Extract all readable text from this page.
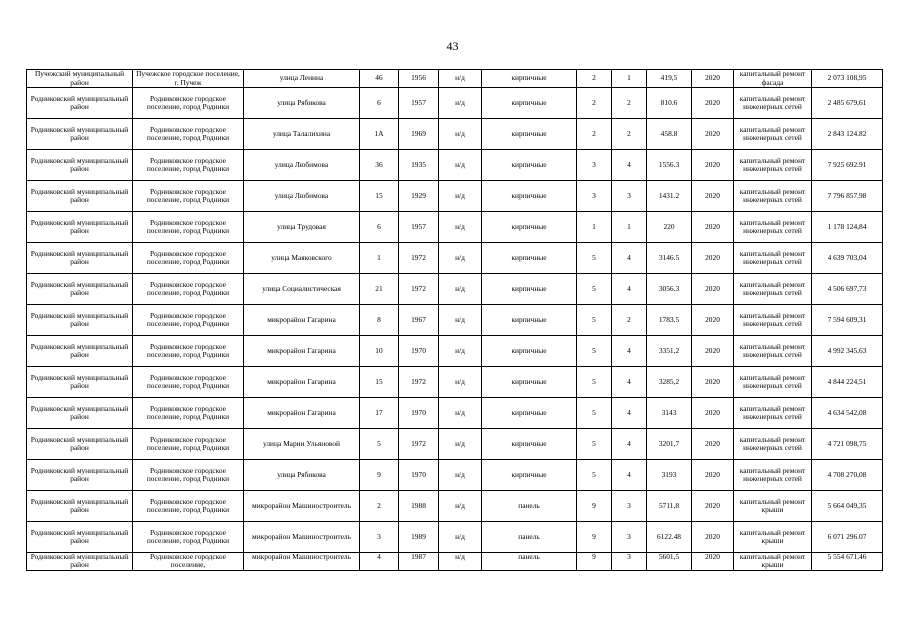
43
Пучежский муниципальный район	Пучежское городское поселение, г. Пучеж	улица Ленина	46	1956	н/д	кирпичные	2	1	419,5	2020	капитальный ремонт фасада	2 073 108,95
Родниковский муниципальный район	Родниковское городское поселение, город Родники	улица Рябикова	6	1957	н/д	кирпичные	2	2	810.6	2020	капитальный ремонт инженерных сетей	2 485 679,61
Родниковский муниципальный район	Родниковское городское поселение, город Родники	улица Талалихина	1А	1969	н/д	кирпичные	2	2	458.8	2020	капитальный ремонт инженерных сетей	2 843 124.82
Родниковский муниципальный район	Родниковское городское поселение, город Родники	улица Любимова	36	1935	н/д	кирпичные	3	4	1556.3	2020	капитальный ремонт инженерных сетей	7 925 692.91
Родниковский муниципальный район	Родниковское городское поселение, город Родники	улица Любимова	15	1929	н/д	кирпичные	3	3	1431.2	2020	капитальный ремонт инженерных сетей	7 796 857.98
Родниковский муниципальный район	Родниковское городское поселение, город Родники	улица Трудовая	6	1957	н/д	кирпичные	1	1	220	2020	капитальный ремонт инженерных сетей	1 178 124,84
Родниковский муниципальный район	Родниковское городское поселение, город Родники	улица Маяковского	1	1972	н/д	кирпичные	5	4	3146.5	2020	капитальный ремонт инженерных сетей	4 639 703,04
Родниковский муниципальный район	Родниковское городское поселение, город Родники	улица Социалистическая	21	1972	н/д	кирпичные	5	4	3056.3	2020	капитальный ремонт инженерных сетей	4 506 697,73
Родниковский муниципальный район	Родниковское городское поселение, город Родники	микрорайон Гагарина	8	1967	н/д	кирпичные	5	2	1783.5	2020	капитальный ремонт инженерных сетей	7 594 609,31
Родниковский муниципальный район	Родниковское городское поселение, город Родники	микрорайон Гагарина	10	1970	н/д	кирпичные	5	4	3351,2	2020	капитальный ремонт инженерных сетей	4 992 345,63
Родниковский муниципальный район	Родниковское городское поселение, город Родники	микрорайон Гагарина	15	1972	н/д	кирпичные	5	4	3285,2	2020	капитальный ремонт инженерных сетей	4 844 224,51
Родниковский муниципальный район	Родниковское городское поселение, город Родники	микрорайон Гагарина	17	1970	н/д	кирпичные	5	4	3143	2020	капитальный ремонт инженерных сетей	4 634 542,08
Родниковский муниципальный район	Родниковское городское поселение, город Родники	улица Марии Ульяновой	5	1972	н/д	кирпичные	5	4	3201,7	2020	капитальный ремонт инженерных сетей	4 721 098,75
Родниковский муниципальный район	Родниковское городское поселение, город Родники	улица Рябикова	9	1970	н/д	кирпичные	5	4	3193	2020	капитальный ремонт инженерных сетей	4 708 270,08
Родниковский муниципальный район	Родниковское городское поселение, город Родники	микрорайон Машиностроитель	2	1988	н/д	панель	9	3	5711,8	2020	капитальный ремонт крыши	5 664 049,35
Родниковский муниципальный район	Родниковское городское поселение, город Родники	микрорайон Машиностроитель	3	1989	н/д	панель	9	3	6122.48	2020	капитальный ремонт крыши	6 071 296.07
Родниковский муниципальный район	Родниковское городское поселение,	микрорайон Машиностроитель	4	1987	н/д	панель	9	3	5601,5	2020	капитальный ремонт крыши	5 554 671,46
